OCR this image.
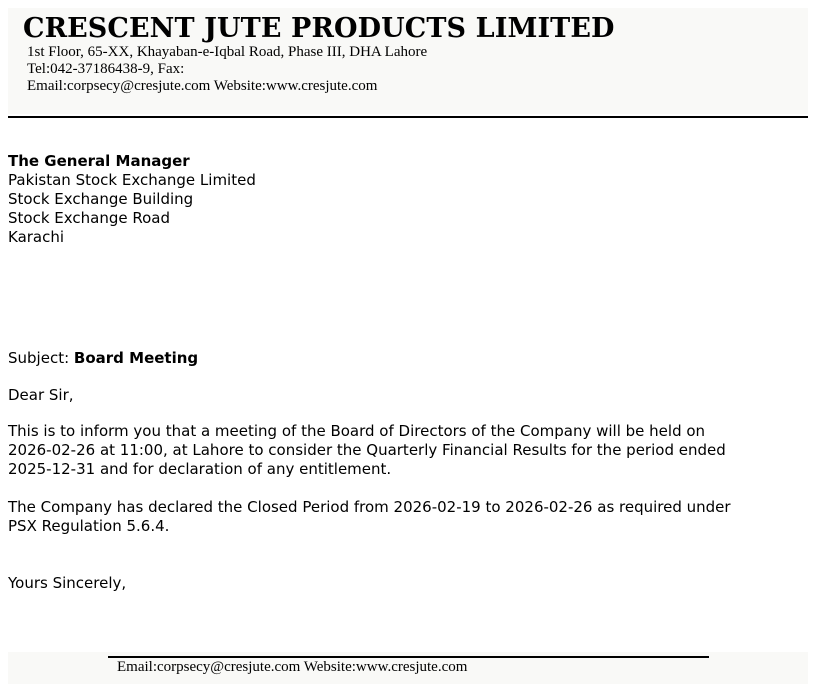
CRESCENT JUTE PRODUCTS LIMITED
1st Floor, 65-XX, Khayaban-e-Iqbal Road, Phase III, DHA Lahore
Tel:042-37186438-9, Fax:
Email:corpsecy@cresjute.com Website:www.cresjute.com
The General Manager
Pakistan Stock Exchange Limited
Stock Exchange Building
Stock Exchange Road
Karachi
Subject: Board Meeting
Dear Sir,
This is to inform you that a meeting of the Board of Directors of the Company will be held on
2026-02-26 at 11:00, at Lahore to consider the Quarterly Financial Results for the period ended
2025-12-31 and for declaration of any entitlement.
The Company has declared the Closed Period from 2026-02-19 to 2026-02-26 as required under
PSX Regulation 5.6.4.
Yours Sincerely,
Email:corpsecy@cresjute.com Website:www.cresjute.com
